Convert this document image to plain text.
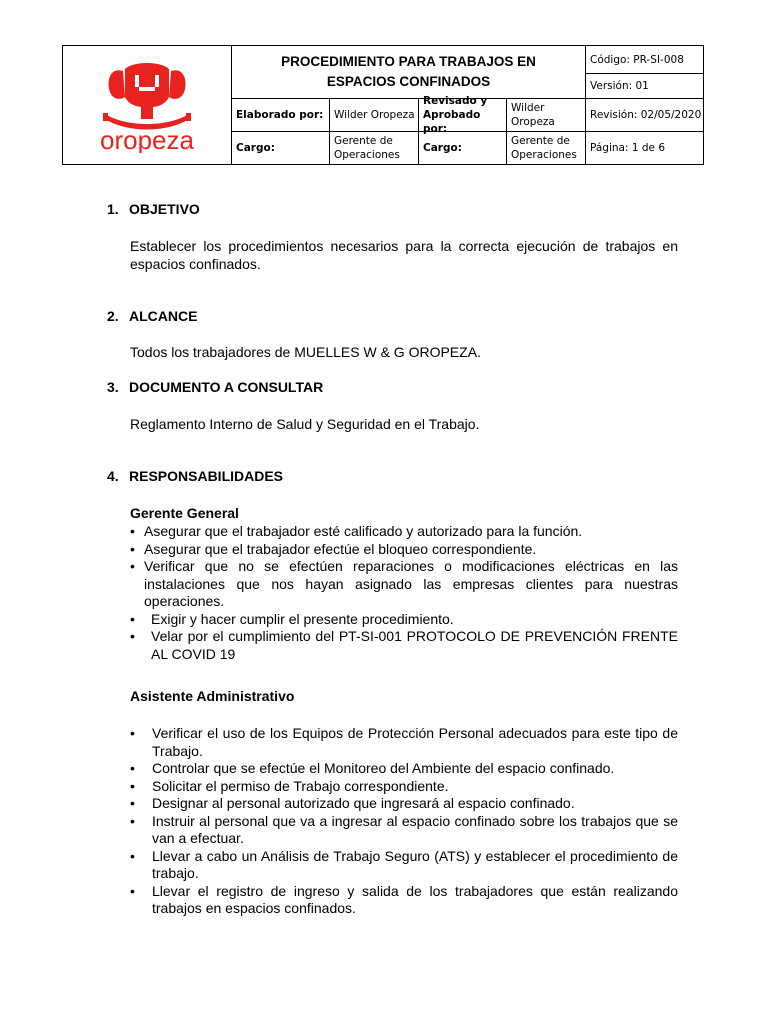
oropeza
PROCEDIMIENTO PARA TRABAJOS EN ESPACIOS CONFINADOS
Código: PR-SI-008
Versión: 01
Elaborado por:	Wilder Oropeza
Revisado y Aprobado por:
Wilder Oropeza
Revisión: 02/05/2020
Cargo:
Gerente de Operaciones
Cargo:
Gerente de Operaciones
Página: 1 de 6
1. OBJETIVO
Establecer los procedimientos necesarios para la correcta ejecución de trabajos en espacios confinados.
2. ALCANCE
Todos los trabajadores de MUELLES W & G OROPEZA.
3. DOCUMENTO A CONSULTAR
Reglamento Interno de Salud y Seguridad en el Trabajo.
4. RESPONSABILIDADES
Gerente General
• Asegurar que el trabajador esté calificado y autorizado para la función.
• Asegurar que el trabajador efectúe el bloqueo correspondiente.
• Verificar que no se efectúen reparaciones o modificaciones eléctricas en las instalaciones que nos hayan asignado las empresas clientes para nuestras operaciones.
• Exigir y hacer cumplir el presente procedimiento.
• Velar por el cumplimiento del PT-SI-001 PROTOCOLO DE PREVENCIÓN FRENTE AL COVID 19
Asistente Administrativo
• Verificar el uso de los Equipos de Protección Personal adecuados para este tipo de Trabajo.
• Controlar que se efectúe el Monitoreo del Ambiente del espacio confinado.
• Solicitar el permiso de Trabajo correspondiente.
• Designar al personal autorizado que ingresará al espacio confinado.
• Instruir al personal que va a ingresar al espacio confinado sobre los trabajos que se van a efectuar.
• Llevar a cabo un Análisis de Trabajo Seguro (ATS) y establecer el procedimiento de trabajo.
• Llevar el registro de ingreso y salida de los trabajadores que están realizando trabajos en espacios confinados.
